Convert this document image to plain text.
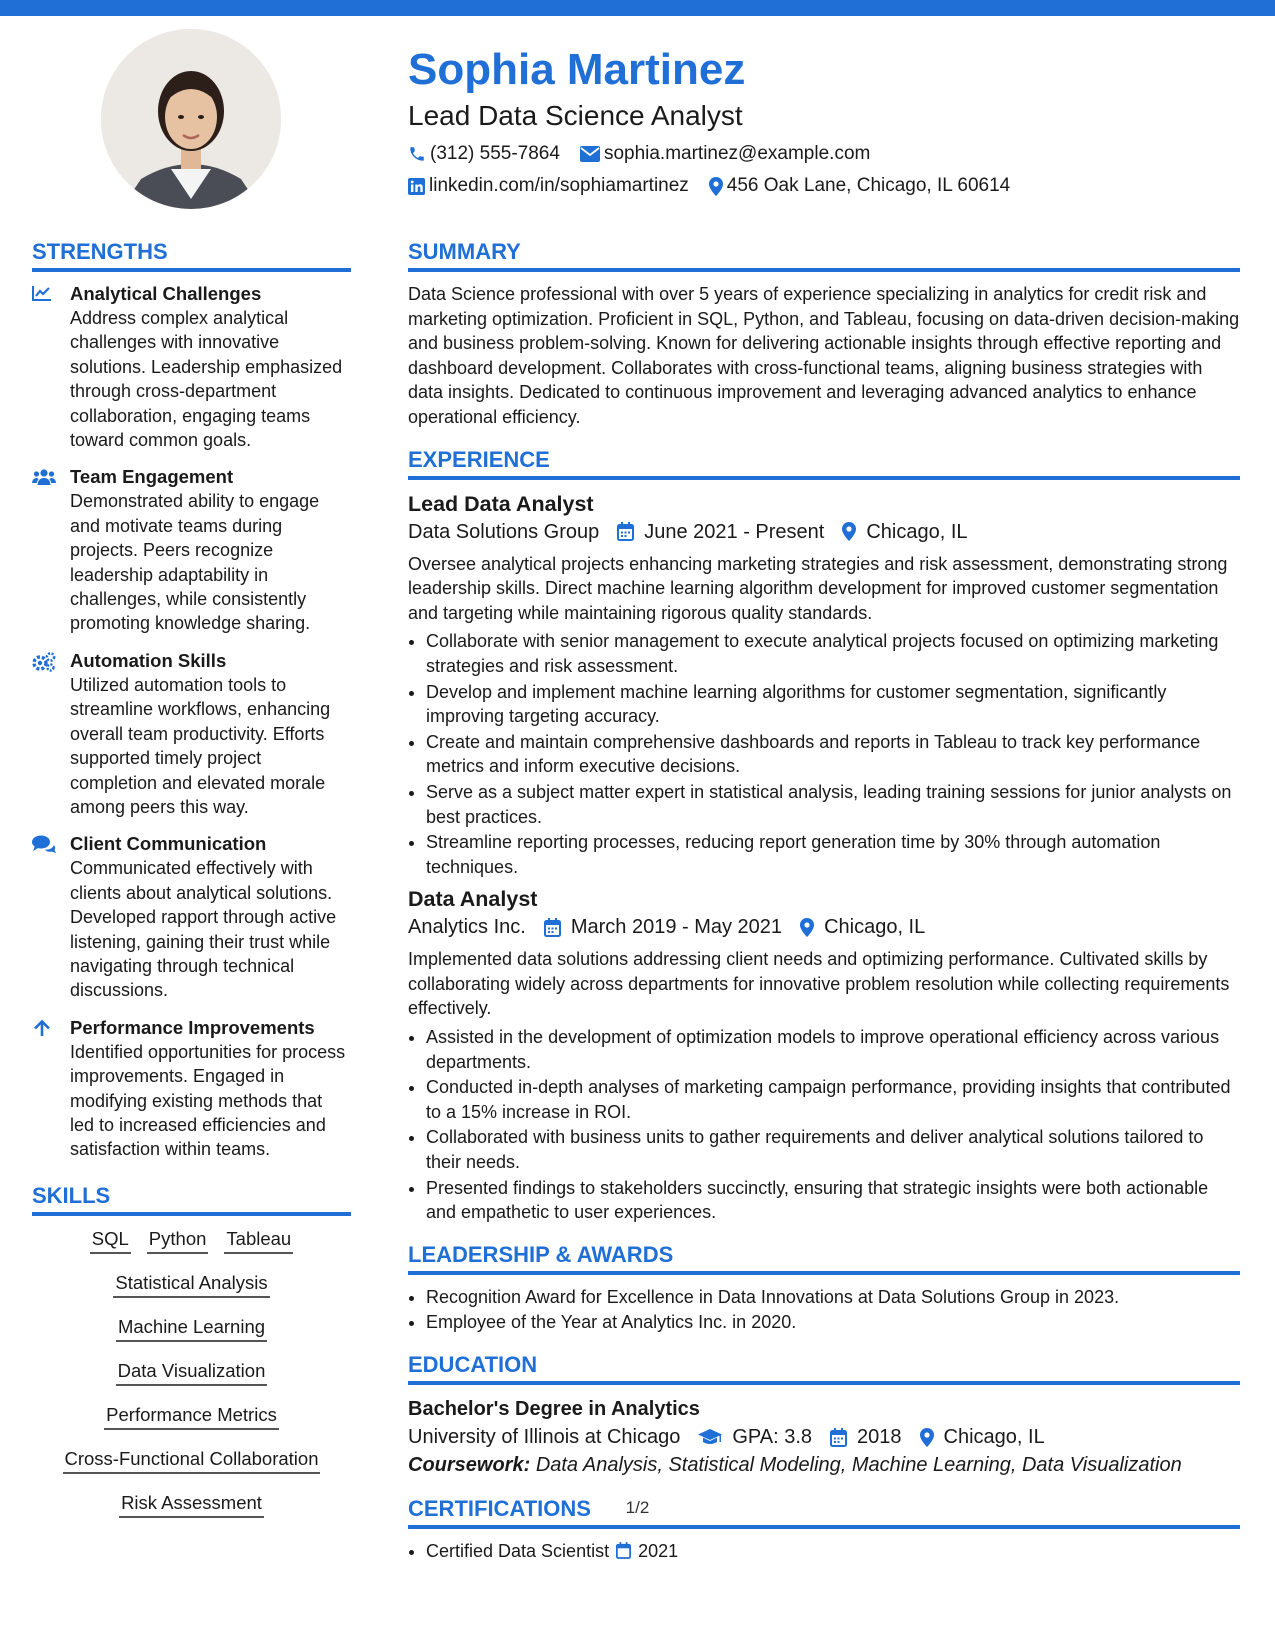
Sophia Martinez
Lead Data Science Analyst
(312) 555-7864 sophia.martinez@example.com
linkedin.com/in/sophiamartinez 456 Oak Lane, Chicago, IL 60614
STRENGTHS
Analytical Challenges
Address complex analytical challenges with innovative solutions. Leadership emphasized through cross-department collaboration, engaging teams toward common goals.
Team Engagement
Demonstrated ability to engage and motivate teams during projects. Peers recognize leadership adaptability in challenges, while consistently promoting knowledge sharing.
Automation Skills
Utilized automation tools to streamline workflows, enhancing overall team productivity. Efforts supported timely project completion and elevated morale among peers this way.
Client Communication
Communicated effectively with clients about analytical solutions. Developed rapport through active listening, gaining their trust while navigating through technical discussions.
Performance Improvements
Identified opportunities for process improvements. Engaged in modifying existing methods that led to increased efficiencies and satisfaction within teams.
SKILLS
SQL Python Tableau
Statistical Analysis
Machine Learning
Data Visualization
Performance Metrics
Cross-Functional Collaboration
Risk Assessment
SUMMARY
Data Science professional with over 5 years of experience specializing in analytics for credit risk and marketing optimization. Proficient in SQL, Python, and Tableau, focusing on data-driven decision-making and business problem-solving. Known for delivering actionable insights through effective reporting and dashboard development. Collaborates with cross-functional teams, aligning business strategies with data insights. Dedicated to continuous improvement and leveraging advanced analytics to enhance operational efficiency.
EXPERIENCE
Lead Data Analyst
Data Solutions Group June 2021 - Present Chicago, IL
Oversee analytical projects enhancing marketing strategies and risk assessment, demonstrating strong leadership skills. Direct machine learning algorithm development for improved customer segmentation and targeting while maintaining rigorous quality standards.
• Collaborate with senior management to execute analytical projects focused on optimizing marketing strategies and risk assessment.
• Develop and implement machine learning algorithms for customer segmentation, significantly improving targeting accuracy.
• Create and maintain comprehensive dashboards and reports in Tableau to track key performance metrics and inform executive decisions.
• Serve as a subject matter expert in statistical analysis, leading training sessions for junior analysts on best practices.
• Streamline reporting processes, reducing report generation time by 30% through automation techniques.
Data Analyst
Analytics Inc. March 2019 - May 2021 Chicago, IL
Implemented data solutions addressing client needs and optimizing performance. Cultivated skills by collaborating widely across departments for innovative problem resolution while collecting requirements effectively.
• Assisted in the development of optimization models to improve operational efficiency across various departments.
• Conducted in-depth analyses of marketing campaign performance, providing insights that contributed to a 15% increase in ROI.
• Collaborated with business units to gather requirements and deliver analytical solutions tailored to their needs.
• Presented findings to stakeholders succinctly, ensuring that strategic insights were both actionable and empathetic to user experiences.
LEADERSHIP & AWARDS
• Recognition Award for Excellence in Data Innovations at Data Solutions Group in 2023.
• Employee of the Year at Analytics Inc. in 2020.
EDUCATION
Bachelor's Degree in Analytics
University of Illinois at Chicago	GPA: 3.8 2018 Chicago, IL
Coursework: Data Analysis, Statistical Modeling, Machine Learning, Data Visualization
CERTIFICATIONS
• Certified Data Scientist 2021
1/2
